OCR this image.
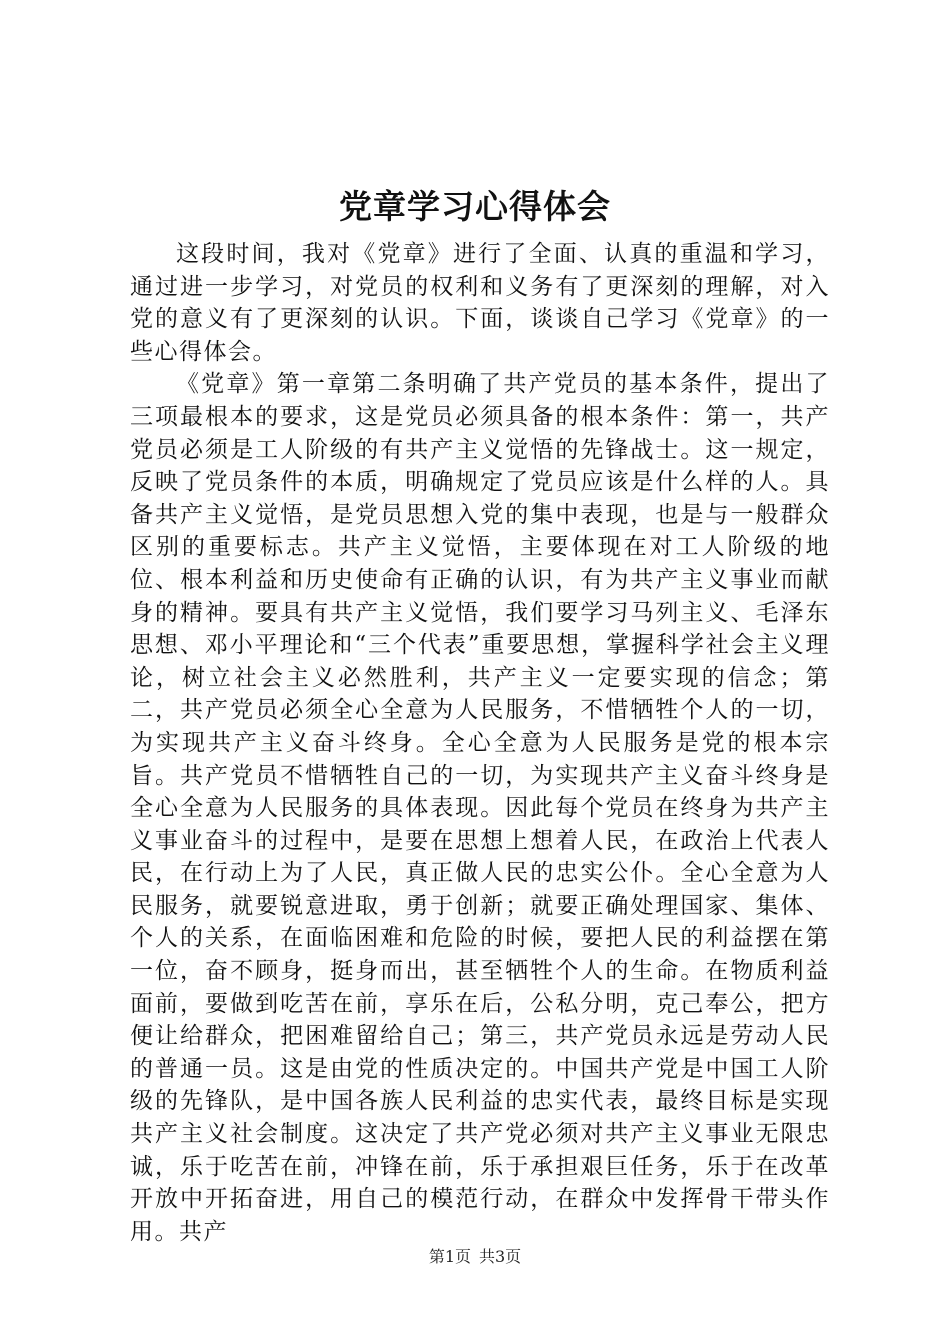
党章学习心得体会

这段时间，我对《党章》进行了全面、认真的重温和学习，通过进一步学习，对党员的权利和义务有了更深刻的理解，对入党的意义有了更深刻的认识。下面，谈谈自己学习《党章》的一些心得体会。

《党章》第一章第二条明确了共产党员的基本条件，提出了三项最根本的要求，这是党员必须具备的根本条件：第一，共产党员必须是工人阶级的有共产主义觉悟的先锋战士。这一规定，反映了党员条件的本质，明确规定了党员应该是什么样的人。具备共产主义觉悟，是党员思想入党的集中表现，也是与一般群众区别的重要标志。共产主义觉悟，主要体现在对工人阶级的地位、根本利益和历史使命有正确的认识，有为共产主义事业而献身的精神。要具有共产主义觉悟，我们要学习马列主义、毛泽东思想、邓小平理论和“三个代表”重要思想，掌握科学社会主义理论，树立社会主义必然胜利，共产主义一定要实现的信念；第二，共产党员必须全心全意为人民服务，不惜牺牲个人的一切，为实现共产主义奋斗终身。全心全意为人民服务是党的根本宗旨。共产党员不惜牺牲自己的一切，为实现共产主义奋斗终身是全心全意为人民服务的具体表现。因此每个党员在终身为共产主义事业奋斗的过程中，是要在思想上想着人民，在政治上代表人民，在行动上为了人民，真正做人民的忠实公仆。全心全意为人民服务，就要锐意进取，勇于创新；就要正确处理国家、集体、个人的关系，在面临困难和危险的时候，要把人民的利益摆在第一位，奋不顾身，挺身而出，甚至牺牲个人的生命。在物质利益面前，要做到吃苦在前，享乐在后，公私分明，克己奉公，把方便让给群众，把困难留给自己；第三，共产党员永远是劳动人民的普通一员。这是由党的性质决定的。中国共产党是中国工人阶级的先锋队，是中国各族人民利益的忠实代表，最终目标是实现共产主义社会制度。这决定了共产党必须对共产主义事业无限忠诚，乐于吃苦在前，冲锋在前，乐于承担艰巨任务，乐于在改革开放中开拓奋进，用自己的模范行动，在群众中发挥骨干带头作用。共产

第1页 共3页
